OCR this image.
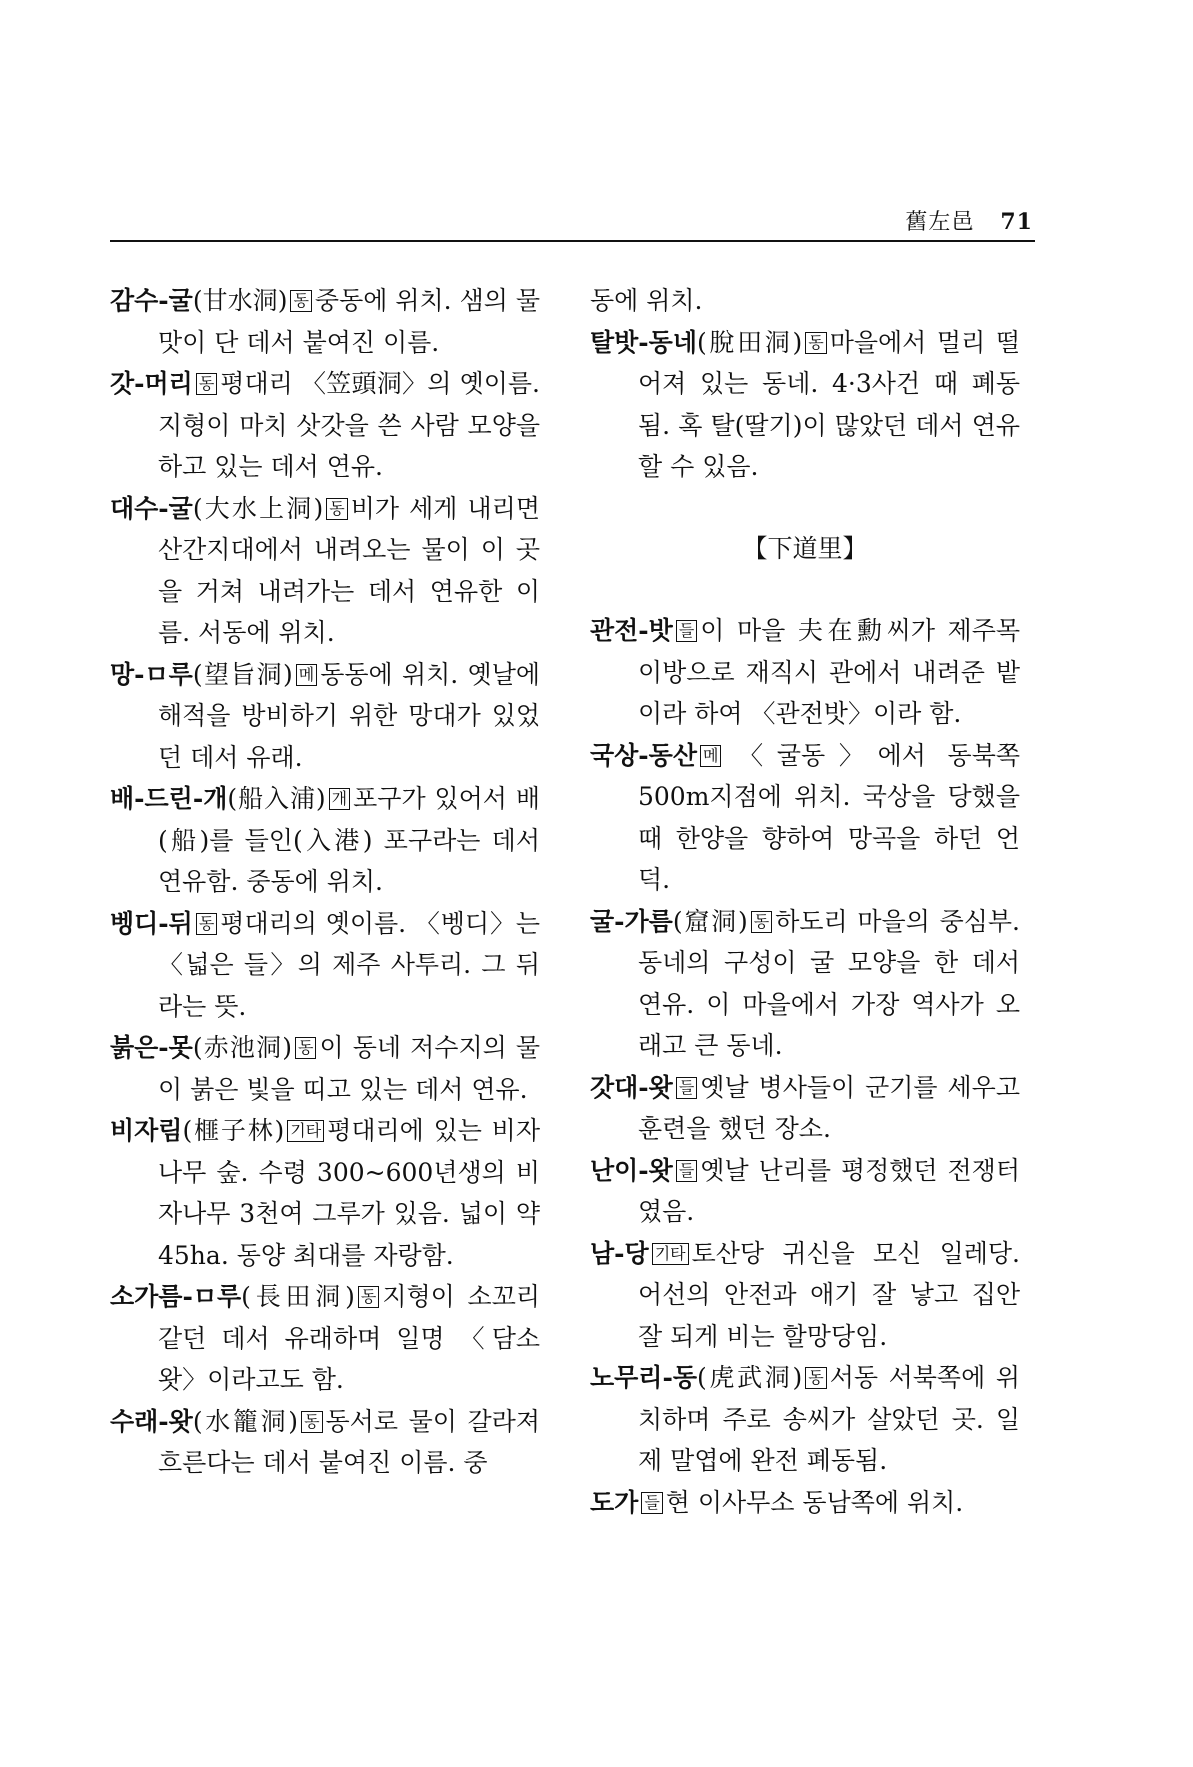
舊左邑 71

감수-굴(甘水洞) 동 중동에 위치. 샘의 물맛이 단 데서 붙여진 이름.

갓-머리 동 평대리 〈笠頭洞〉의 옛이름. 지형이 마치 삿갓을 쓴 사람 모양을 하고 있는 데서 연유.

대수-굴(大水上洞) 동 비가 세게 내리면 산간지대에서 내려오는 물이 이 곳을 거쳐 내려가는 데서 연유한 이름. 서동에 위치.

망-ㅁ루(望旨洞) 메 동동에 위치. 옛날에 해적을 방비하기 위한 망대가 있었던 데서 유래.

배-드린-개(船入浦) 개 포구가 있어서 배(船)를 들인(入港) 포구라는 데서 연유함. 중동에 위치.

벵디-뒤 동 평대리의 옛이름. 〈벵디〉는 〈넓은 들〉의 제주 사투리. 그 뒤라는 뜻.

붉은-못(赤池洞) 동 이 동네 저수지의 물이 붉은 빛을 띠고 있는 데서 연유.

비자림(榧子林) 기타 평대리에 있는 비자나무 숲. 수령 300~600년생의 비자나무 3천여 그루가 있음. 넓이 약 45ha. 동양 최대를 자랑함.

소가름-ㅁ루(長田洞) 동 지형이 소꼬리 같던 데서 유래하며 일명 〈담소왓〉이라고도 함.

수래-왓(水籠洞) 동 동서로 물이 갈라져 흐른다는 데서 붙여진 이름. 중

동에 위치.

탈밧-동네(脫田洞) 동 마을에서 멀리 떨어져 있는 동네. 4·3사건 때 폐동됨. 혹 탈(딸기)이 많았던 데서 연유할 수 있음.

【下道里】

관전-밧 들 이 마을 夫在勳씨가 제주목 이방으로 재직시 관에서 내려준 밭이라 하여 〈관전밧〉이라 함.

국상-동산 메 〈굴동〉에서 동북쪽 500m지점에 위치. 국상을 당했을 때 한양을 향하여 망곡을 하던 언덕.

굴-가름(窟洞) 동 하도리 마을의 중심부. 동네의 구성이 굴 모양을 한 데서 연유. 이 마을에서 가장 역사가 오래고 큰 동네.

갓대-왓 들 옛날 병사들이 군기를 세우고 훈련을 했던 장소.

난이-왓 들 옛날 난리를 평정했던 전쟁터였음.

남-당 기타 토산당 귀신을 모신 일레당. 어선의 안전과 애기 잘 낳고 집안 잘 되게 비는 할망당임.

노무리-동(虎武洞) 동 서동 서북쪽에 위치하며 주로 송씨가 살았던 곳. 일제 말엽에 완전 폐동됨.

도가 들 현 이사무소 동남쪽에 위치.
